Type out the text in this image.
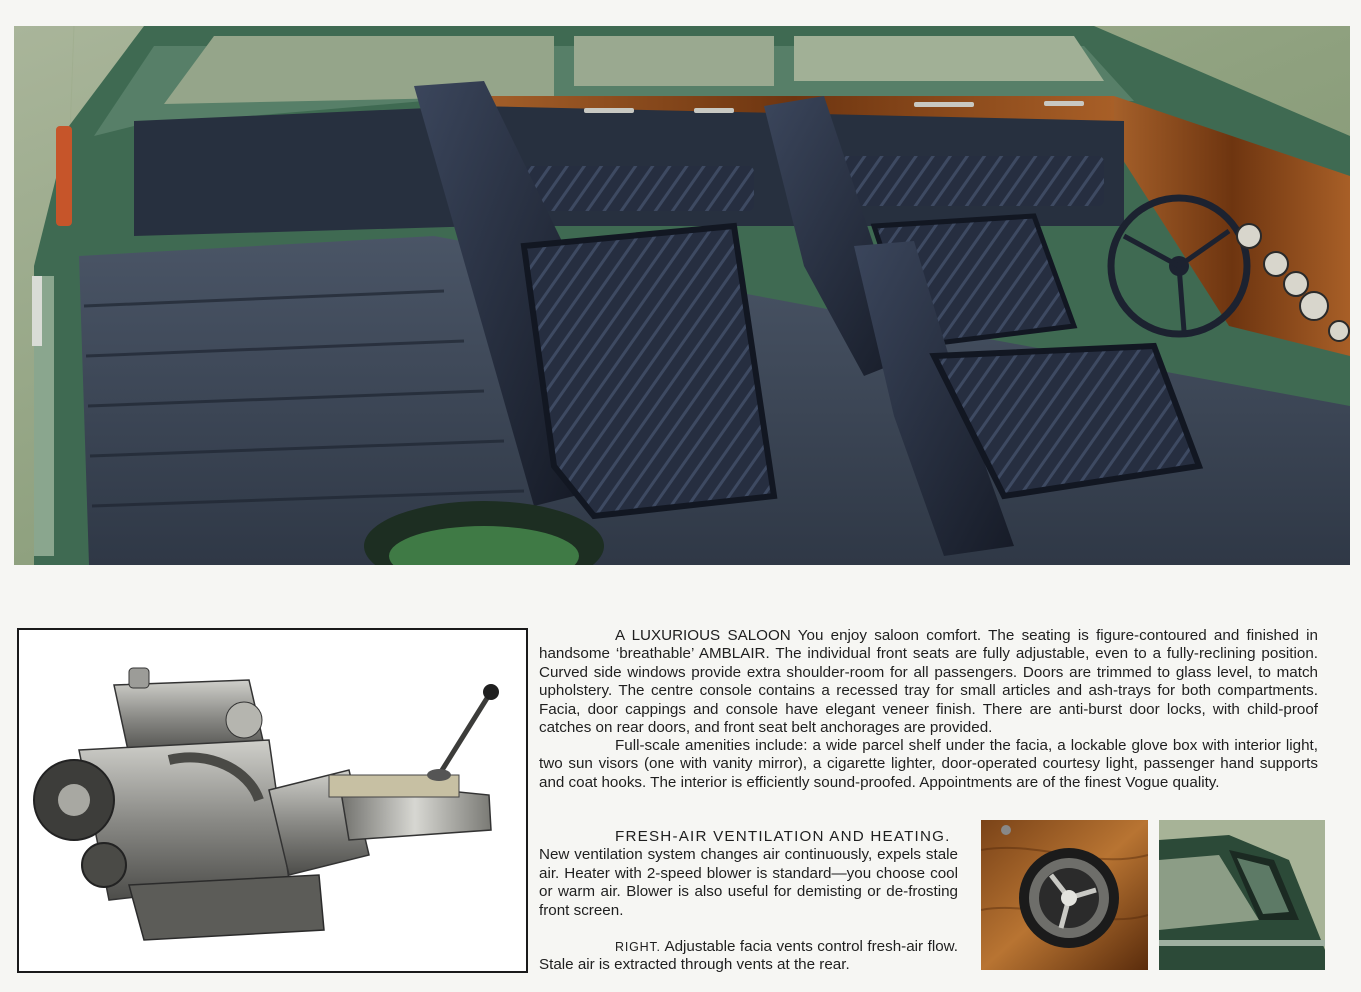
A LUXURIOUS SALOON You enjoy saloon comfort. The seating is figure-contoured and finished in handsome ‘breathable’ AMBLAIR. The individual front seats are fully adjustable, even to a fully-reclining position. Curved side windows provide extra shoulder-room for all passengers. Doors are trimmed to glass level, to match upholstery. The centre console contains a recessed tray for small articles and ash-trays for both compartments. Facia, door cappings and console have elegant veneer finish. There are anti-burst door locks, with child-proof catches on rear doors, and front seat belt anchorages are provided.

Full-scale amenities include: a wide parcel shelf under the facia, a lockable glove box with interior light, two sun visors (one with vanity mirror), a cigarette lighter, door-operated courtesy light, passenger hand supports and coat hooks. The interior is efficiently sound-proofed. Appointments are of the finest Vogue quality.

FRESH-AIR VENTILATION AND HEATING.
New ventilation system changes air continuously, expels stale air. Heater with 2-speed blower is standard—you choose cool or warm air. Blower is also useful for demisting or de-frosting front screen.

RIGHT. Adjustable facia vents control fresh-air flow. Stale air is extracted through vents at the rear.
